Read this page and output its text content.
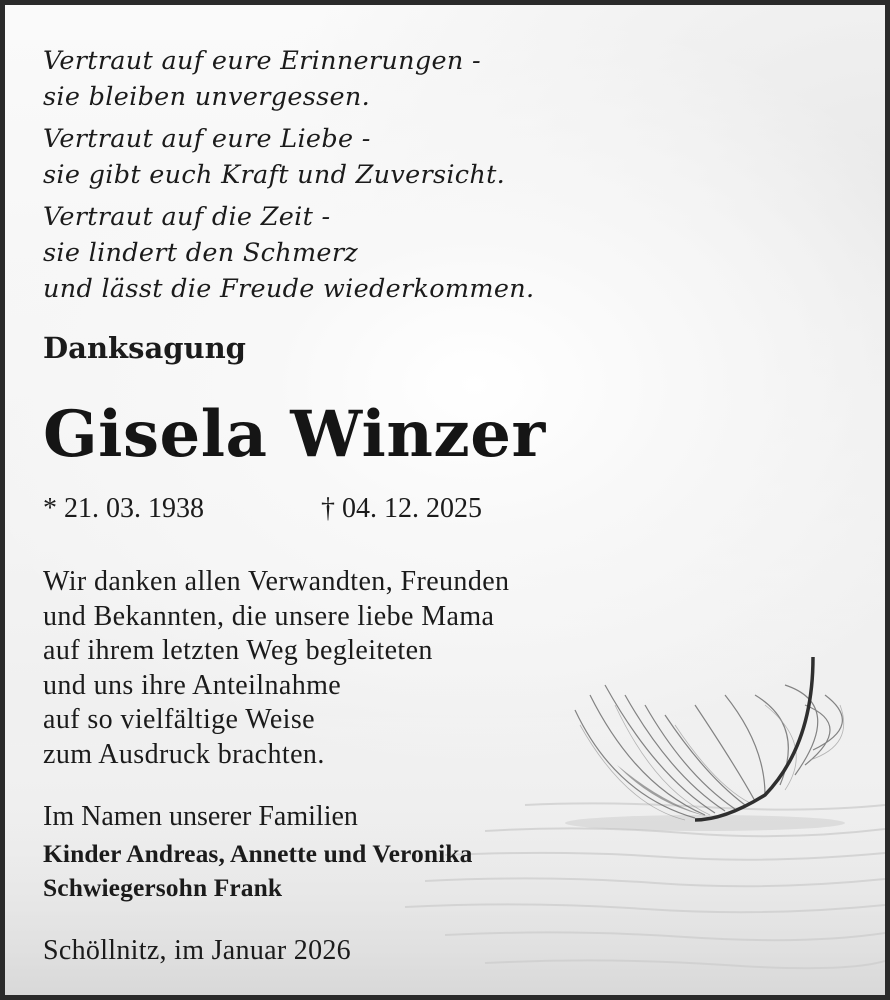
Vertraut auf eure Erinnerungen -
sie bleiben unvergessen.
Vertraut auf eure Liebe -
sie gibt euch Kraft und Zuversicht.
Vertraut auf die Zeit -
sie lindert den Schmerz
und lässt die Freude wiederkommen.
Danksagung
Gisela Winzer
* 21. 03. 1938	† 04. 12. 2025
Wir danken allen Verwandten, Freunden
und Bekannten, die unsere liebe Mama
auf ihrem letzten Weg begleiteten
und uns ihre Anteilnahme
auf so vielfältige Weise
zum Ausdruck brachten.
Im Namen unserer Familien
Kinder Andreas, Annette und Veronika
Schwiegersohn Frank
Schöllnitz, im Januar 2026
